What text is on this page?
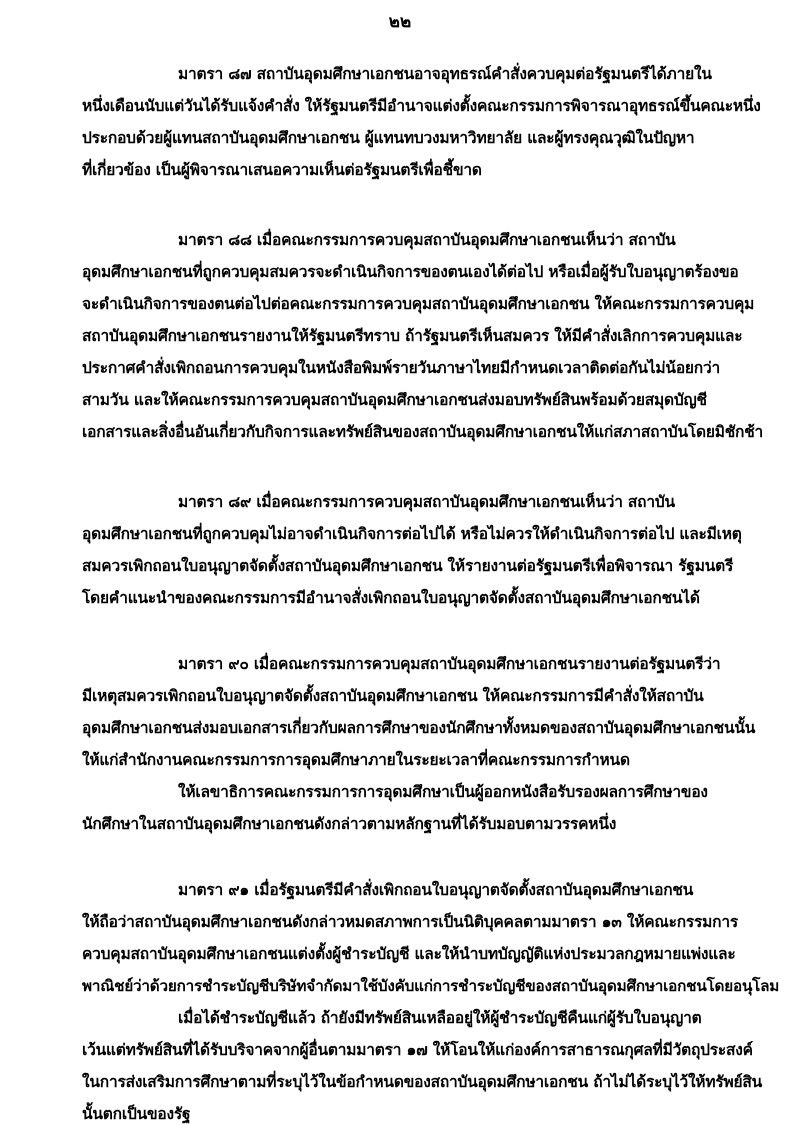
๒๒
มาตรา ๘๗ สถาบันอุดมศึกษาเอกชนอาจอุทธรณ์คำสั่งควบคุมต่อรัฐมนตรีได้ภายใน
หนึ่งเดือนนับแต่วันได้รับแจ้งคำสั่ง ให้รัฐมนตรีมีอำนาจแต่งตั้งคณะกรรมการพิจารณาอุทธรณ์ขึ้นคณะหนึ่ง
ประกอบด้วยผู้แทนสถาบันอุดมศึกษาเอกชน ผู้แทนทบวงมหาวิทยาลัย และผู้ทรงคุณวุฒิในปัญหา
ที่เกี่ยวข้อง เป็นผู้พิจารณาเสนอความเห็นต่อรัฐมนตรีเพื่อชี้ขาด
มาตรา ๘๘ เมื่อคณะกรรมการควบคุมสถาบันอุดมศึกษาเอกชนเห็นว่า สถาบัน
อุดมศึกษาเอกชนที่ถูกควบคุมสมควรจะดำเนินกิจการของตนเองได้ต่อไป หรือเมื่อผู้รับใบอนุญาตร้องขอ
จะดำเนินกิจการของตนต่อไปต่อคณะกรรมการควบคุมสถาบันอุดมศึกษาเอกชน ให้คณะกรรมการควบคุม
สถาบันอุดมศึกษาเอกชนรายงานให้รัฐมนตรีทราบ ถ้ารัฐมนตรีเห็นสมควร ให้มีคำสั่งเลิกการควบคุมและ
ประกาศคำสั่งเพิกถอนการควบคุมในหนังสือพิมพ์รายวันภาษาไทยมีกำหนดเวลาติดต่อกันไม่น้อยกว่า
สามวัน และให้คณะกรรมการควบคุมสถาบันอุดมศึกษาเอกชนส่งมอบทรัพย์สินพร้อมด้วยสมุดบัญชี
เอกสารและสิ่งอื่นอันเกี่ยวกับกิจการและทรัพย์สินของสถาบันอุดมศึกษาเอกชนให้แก่สภาสถาบันโดยมิชักช้า
มาตรา ๘๙ เมื่อคณะกรรมการควบคุมสถาบันอุดมศึกษาเอกชนเห็นว่า สถาบัน
อุดมศึกษาเอกชนที่ถูกควบคุมไม่อาจดำเนินกิจการต่อไปได้ หรือไม่ควรให้ดำเนินกิจการต่อไป และมีเหตุ
สมควรเพิกถอนใบอนุญาตจัดตั้งสถาบันอุดมศึกษาเอกชน ให้รายงานต่อรัฐมนตรีเพื่อพิจารณา รัฐมนตรี
โดยคำแนะนำของคณะกรรมการมีอำนาจสั่งเพิกถอนใบอนุญาตจัดตั้งสถาบันอุดมศึกษาเอกชนได้
มาตรา ๙๐ เมื่อคณะกรรมการควบคุมสถาบันอุดมศึกษาเอกชนรายงานต่อรัฐมนตรีว่า
มีเหตุสมควรเพิกถอนใบอนุญาตจัดตั้งสถาบันอุดมศึกษาเอกชน ให้คณะกรรมการมีคำสั่งให้สถาบัน
อุดมศึกษาเอกชนส่งมอบเอกสารเกี่ยวกับผลการศึกษาของนักศึกษาทั้งหมดของสถาบันอุดมศึกษาเอกชนนั้น
ให้แก่สำนักงานคณะกรรมการการอุดมศึกษาภายในระยะเวลาที่คณะกรรมการกำหนด
ให้เลขาธิการคณะกรรมการการอุดมศึกษาเป็นผู้ออกหนังสือรับรองผลการศึกษาของ
นักศึกษาในสถาบันอุดมศึกษาเอกชนดังกล่าวตามหลักฐานที่ได้รับมอบตามวรรคหนึ่ง
มาตรา ๙๑ เมื่อรัฐมนตรีมีคำสั่งเพิกถอนใบอนุญาตจัดตั้งสถาบันอุดมศึกษาเอกชน
ให้ถือว่าสถาบันอุดมศึกษาเอกชนดังกล่าวหมดสภาพการเป็นนิติบุคคลตามมาตรา ๑๓ ให้คณะกรรมการ
ควบคุมสถาบันอุดมศึกษาเอกชนแต่งตั้งผู้ชำระบัญชี และให้นำบทบัญญัติแห่งประมวลกฎหมายแพ่งและ
พาณิชย์ว่าด้วยการชำระบัญชีบริษัทจำกัดมาใช้บังคับแก่การชำระบัญชีของสถาบันอุดมศึกษาเอกชนโดยอนุโลม
เมื่อได้ชำระบัญชีแล้ว ถ้ายังมีทรัพย์สินเหลืออยู่ให้ผู้ชำระบัญชีคืนแก่ผู้รับใบอนุญาต
เว้นแต่ทรัพย์สินที่ได้รับบริจาคจากผู้อื่นตามมาตรา ๑๗ ให้โอนให้แก่องค์การสาธารณกุศลที่มีวัตถุประสงค์
ในการส่งเสริมการศึกษาตามที่ระบุไว้ในข้อกำหนดของสถาบันอุดมศึกษาเอกชน ถ้าไม่ได้ระบุไว้ให้ทรัพย์สิน
นั้นตกเป็นของรัฐ
